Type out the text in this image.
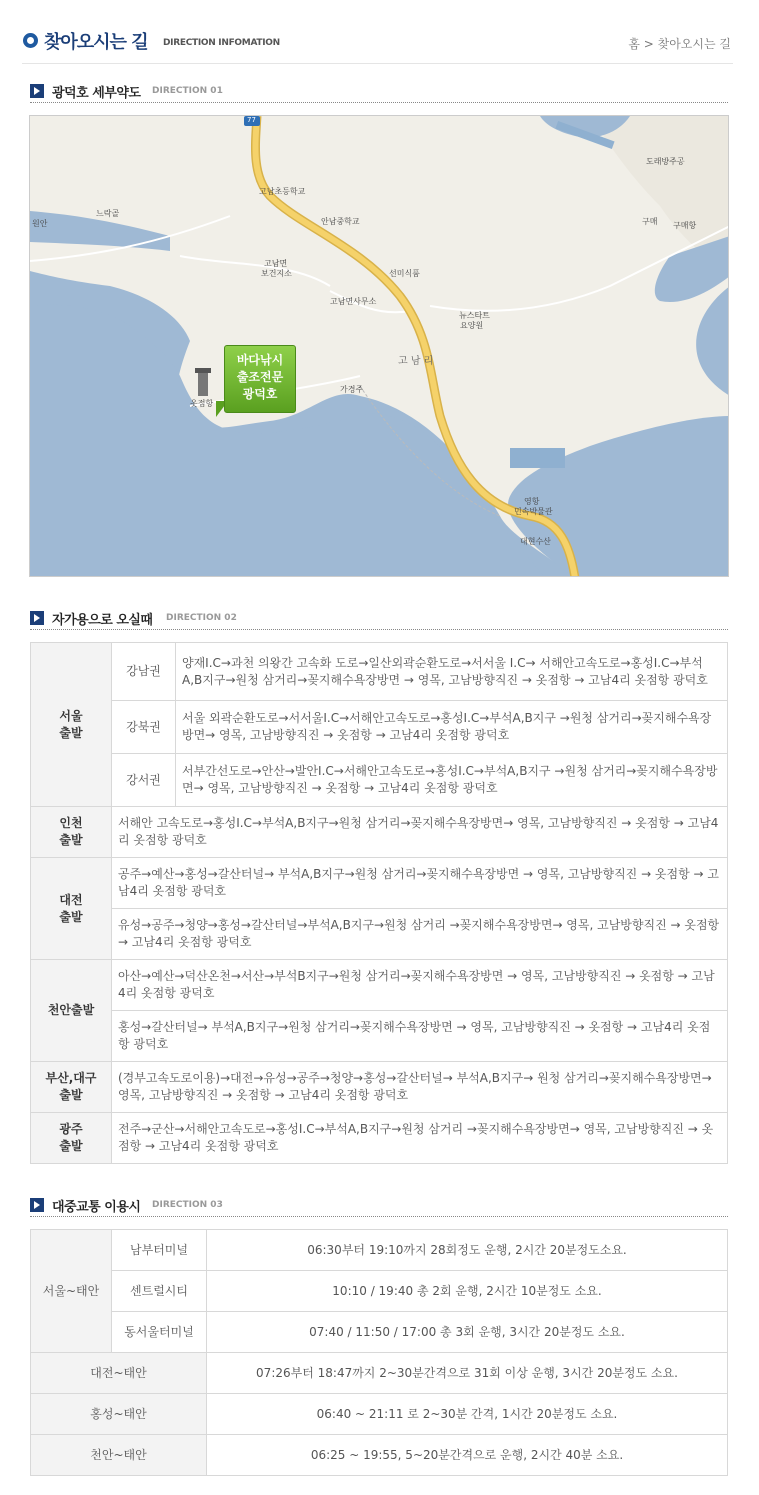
찾아오시는 길 DIRECTION INFOMATION	홈 > 찾아오시는 길
광덕호 세부약도 DIRECTION 01
77
고남초등학교
안남중학교
고남면
보건지소
고남면사무소
선미식품
뉴스타트
요양원
고 남 리
가경주
옷점항
영항
민속박물관
대현수산
느락골
원안	구매 구매항
도래방주공
바다낚시
출조전문
광덕호
자가용으로 오실때 DIRECTION 02
서울
출발	강남권	양재I.C→과천 의왕간 고속화 도로→일산외곽순환도로→서서울 I.C→ 서해안고속도로→홍성I.C→부석A,B지구→원청 삼거리→꽂지해수욕장방면 → 영목, 고남방향직진 → 옷점항 → 고남4리 옷점항 광덕호
	강북권	서울 외곽순환도로→서서울I.C→서해안고속도로→홍성I.C→부석A,B지구 →원청 삼거리→꽂지해수욕장방면→ 영목, 고남방향직진 → 옷점항 → 고남4리 옷점항 광덕호
	강서권	서부간선도로→안산→발안I.C→서해안고속도로→홍성I.C→부석A,B지구 →원청 삼거리→꽂지해수욕장방면→ 영목, 고남방향직진 → 옷점항 → 고남4리 옷점항 광덕호
인천
출발	서해안 고속도로→홍성I.C→부석A,B지구→원청 삼거리→꽂지해수욕장방면→ 영목, 고남방향직진 → 옷점항 → 고남4리 옷점항 광덕호	
대전
출발	공주→예산→홍성→갈산터널→ 부석A,B지구→원청 삼거리→꽂지해수욕장방면 → 영목, 고남방향직진 → 옷점항 → 고남4리 옷점항 광덕호	
	유성→공주→청양→홍성→갈산터널→부석A,B지구→원청 삼거리 →꽂지해수욕장방면→ 영목, 고남방향직진 → 옷점항 → 고남4리 옷점항 광덕호	
천안출발	아산→예산→덕산온천→서산→부석B지구→원청 삼거리→꽂지해수욕장방면 → 영목, 고남방향직진 → 옷점항 → 고남4리 옷점항 광덕호	
	홍성→갈산터널→ 부석A,B지구→원청 삼거리→꽂지해수욕장방면 → 영목, 고남방향직진 → 옷점항 → 고남4리 옷점항 광덕호	
부산,대구
출발	(경부고속도로이용)→대전→유성→공주→청양→홍성→갈산터널→ 부석A,B지구→ 원청 삼거리→꽂지해수욕장방면→ 영목, 고남방향직진 → 옷점항 → 고남4리 옷점항 광덕호	
광주
출발	전주→군산→서해안고속도로→홍성I.C→부석A,B지구→원청 삼거리 →꽂지해수욕장방면→ 영목, 고남방향직진 → 옷점항 → 고남4리 옷점항 광덕호	
대중교통 이용시 DIRECTION 03
서울~태안	남부터미널	06:30부터 19:10까지 28회정도 운행, 2시간 20분정도소요.
	센트럴시티	10:10 / 19:40 총 2회 운행, 2시간 10분정도 소요.
	동서울터미널	07:40 / 11:50 / 17:00 총 3회 운행, 3시간 20분정도 소요.
대전~태안		07:26부터 18:47까지 2~30분간격으로 31회 이상 운행, 3시간 20분정도 소요.
홍성~태안		06:40 ~ 21:11 로 2~30분 간격, 1시간 20분정도 소요.
천안~태안		06:25 ~ 19:55, 5~20분간격으로 운행, 2시간 40분 소요.
